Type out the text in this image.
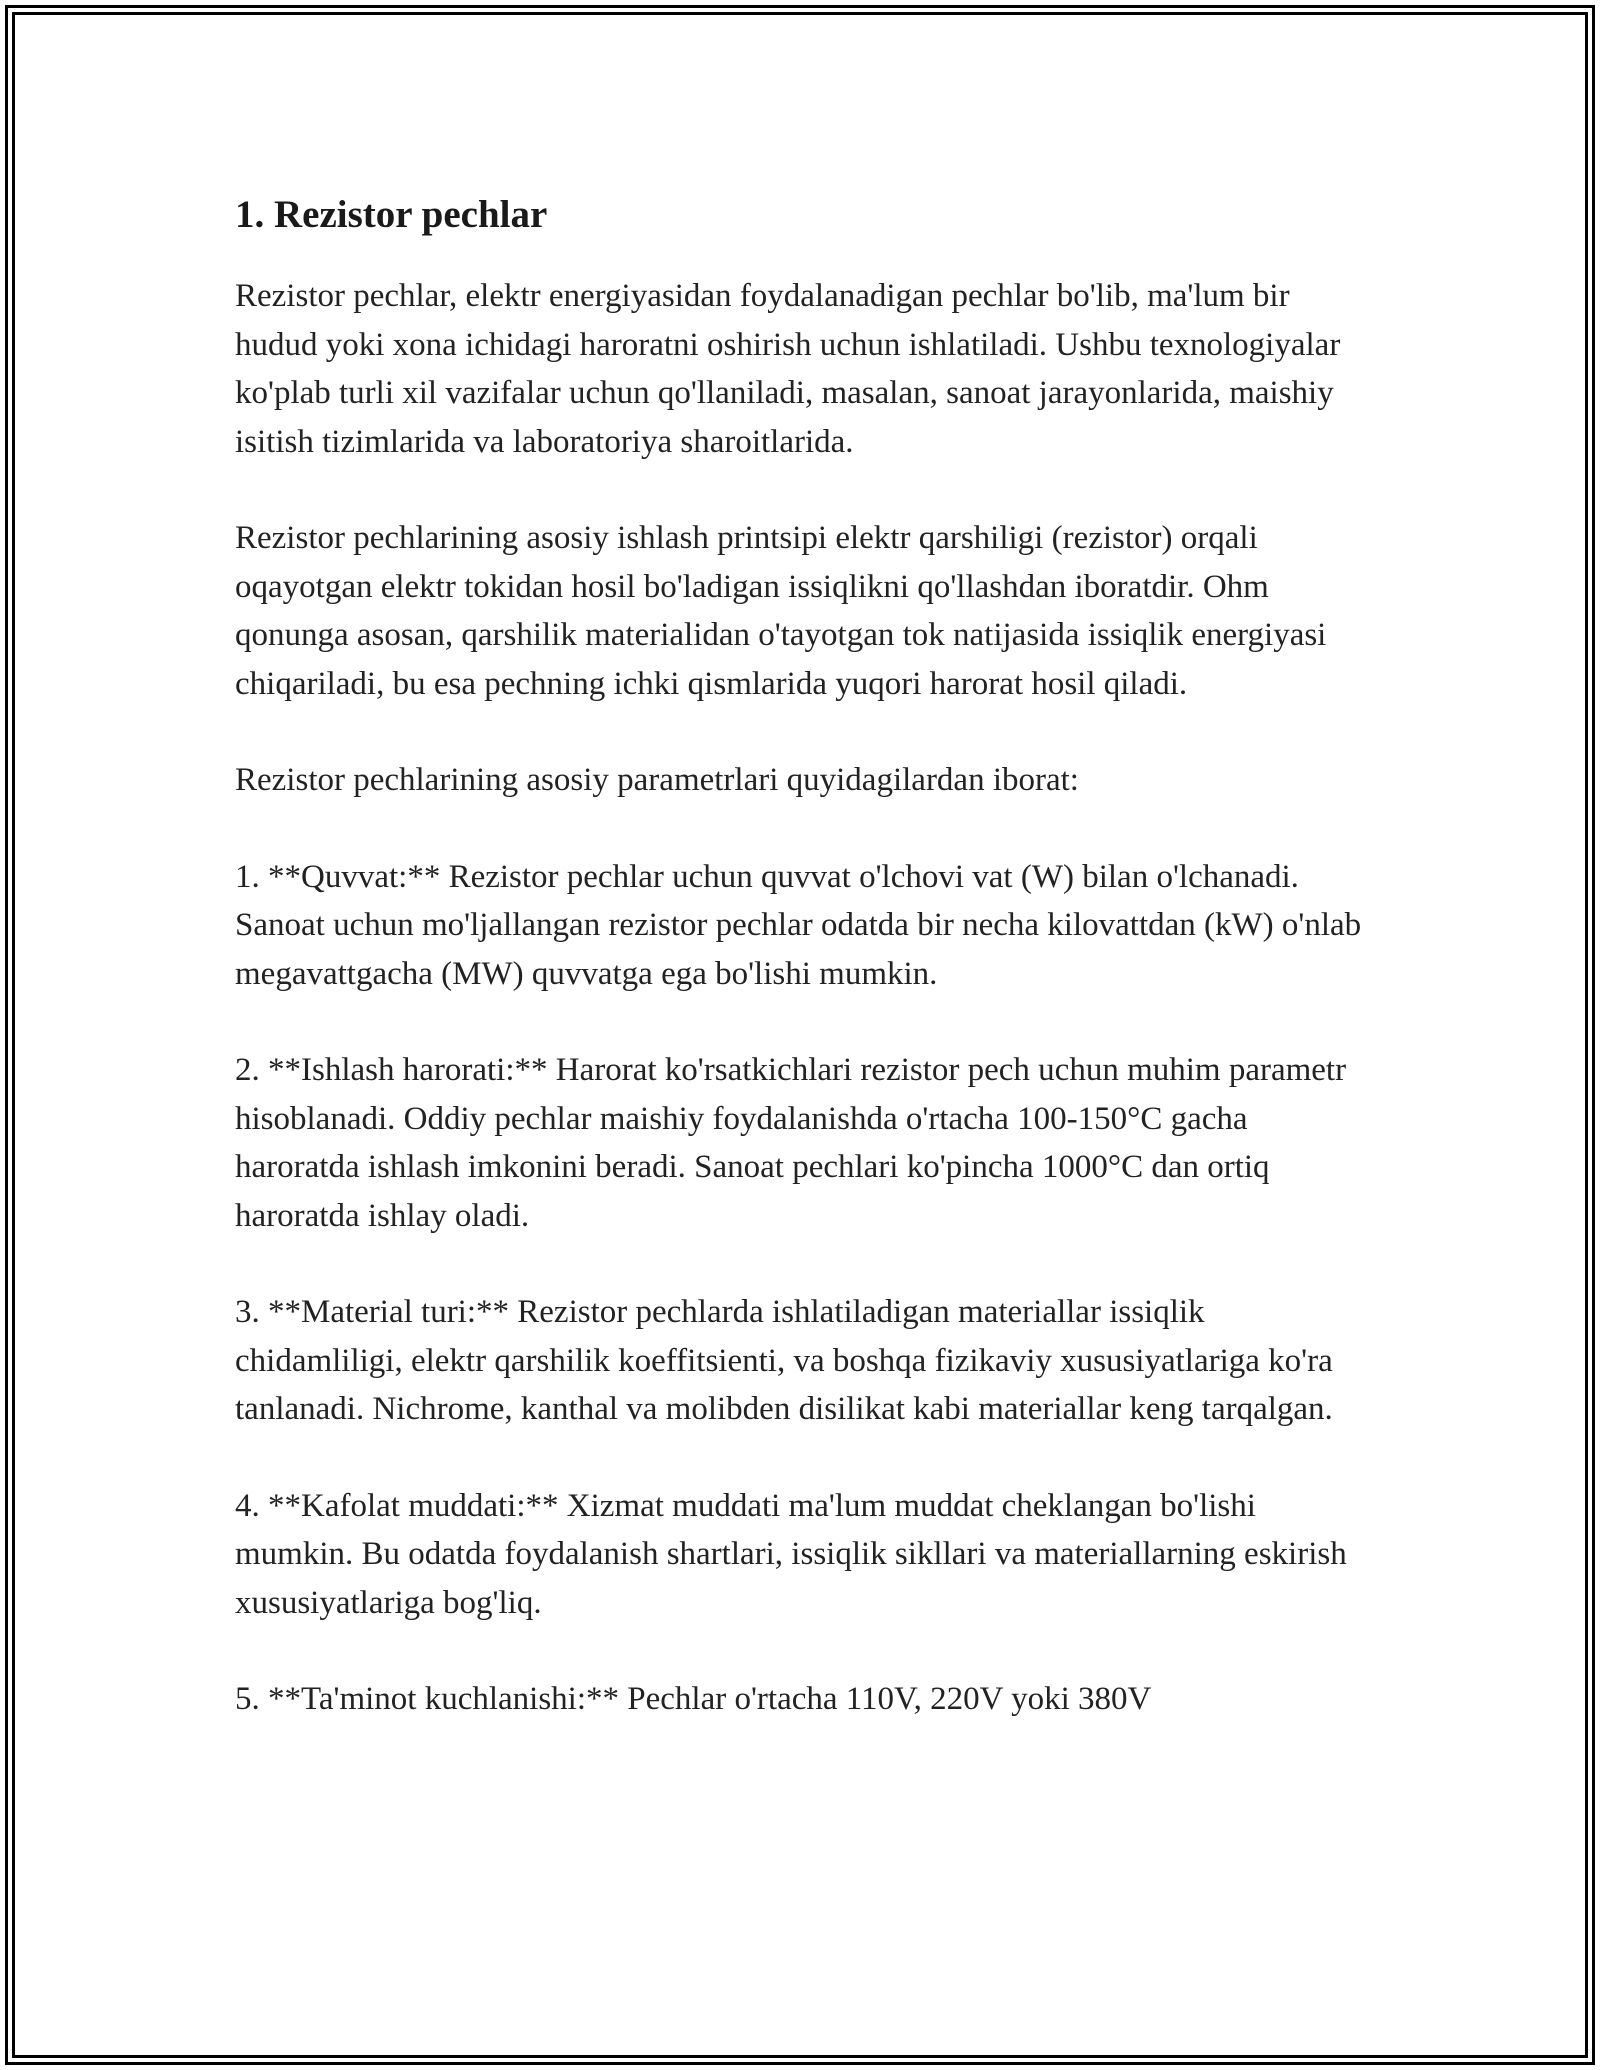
1. Rezistor pechlar

Rezistor pechlar, elektr energiyasidan foydalanadigan pechlar bo'lib, ma'lum bir hudud yoki xona ichidagi haroratni oshirish uchun ishlatiladi. Ushbu texnologiyalar ko'plab turli xil vazifalar uchun qo'llaniladi, masalan, sanoat jarayonlarida, maishiy isitish tizimlarida va laboratoriya sharoitlarida.

Rezistor pechlarining asosiy ishlash printsipi elektr qarshiligi (rezistor) orqali oqayotgan elektr tokidan hosil bo'ladigan issiqlikni qo'llashdan iboratdir. Ohm qonunga asosan, qarshilik materialidan o'tayotgan tok natijasida issiqlik energiyasi chiqariladi, bu esa pechning ichki qismlarida yuqori harorat hosil qiladi.

Rezistor pechlarining asosiy parametrlari quyidagilardan iborat:

1. **Quvvat:** Rezistor pechlar uchun quvvat o'lchovi vat (W) bilan o'lchanadi. Sanoat uchun mo'ljallangan rezistor pechlar odatda bir necha kilovattdan (kW) o'nlab megavattgacha (MW) quvvatga ega bo'lishi mumkin.

2. **Ishlash harorati:** Harorat ko'rsatkichlari rezistor pech uchun muhim parametr hisoblanadi. Oddiy pechlar maishiy foydalanishda o'rtacha 100-150°C gacha haroratda ishlash imkonini beradi. Sanoat pechlari ko'pincha 1000°C dan ortiq haroratda ishlay oladi.

3. **Material turi:** Rezistor pechlarda ishlatiladigan materiallar issiqlik chidamliligi, elektr qarshilik koeffitsienti, va boshqa fizikaviy xususiyatlariga ko'ra tanlanadi. Nichrome, kanthal va molibden disilikat kabi materiallar keng tarqalgan.

4. **Kafolat muddati:** Xizmat muddati ma'lum muddat cheklangan bo'lishi mumkin. Bu odatda foydalanish shartlari, issiqlik sikllari va materiallarning eskirish xususiyatlariga bog'liq.

5. **Ta'minot kuchlanishi:** Pechlar o'rtacha 110V, 220V yoki 380V
